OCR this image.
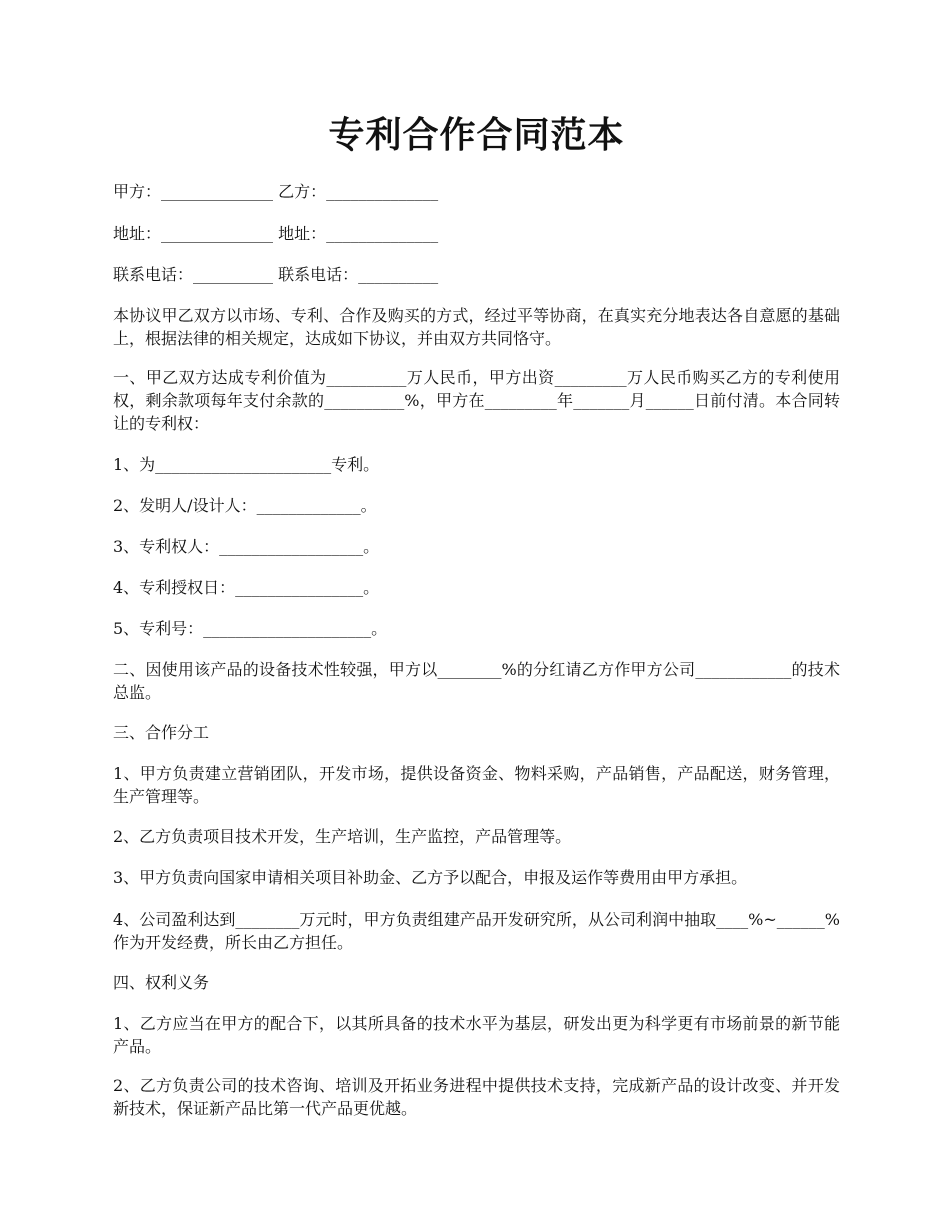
专利合作合同范本
甲方：______________ 乙方：______________
地址：______________ 地址：______________
联系电话：__________ 联系电话：__________
本协议甲乙双方以市场、专利、合作及购买的方式，经过平等协商，在真实充分地表达各自意愿的基础上，根据法律的相关规定，达成如下协议，并由双方共同恪守。
一、甲乙双方达成专利价值为__________万人民币，甲方出资_________万人民币购买乙方的专利使用权，剩余款项每年支付余款的__________%，甲方在_________年_______月______日前付清。本合同转让的专利权：
1、为______________________专利。
2、发明人/设计人：_____________。
3、专利权人：__________________。
4、专利授权日：________________。
5、专利号：_____________________。
二、因使用该产品的设备技术性较强，甲方以________%的分红请乙方作甲方公司____________的技术总监。
三、合作分工
1、甲方负责建立营销团队，开发市场，提供设备资金、物料采购，产品销售，产品配送，财务管理，生产管理等。
2、乙方负责项目技术开发，生产培训，生产监控，产品管理等。
3、甲方负责向国家申请相关项目补助金、乙方予以配合，申报及运作等费用由甲方承担。
4、公司盈利达到________万元时，甲方负责组建产品开发研究所，从公司利润中抽取____%~______%作为开发经费，所长由乙方担任。
四、权利义务
1、乙方应当在甲方的配合下，以其所具备的技术水平为基层，研发出更为科学更有市场前景的新节能产品。
2、乙方负责公司的技术咨询、培训及开拓业务进程中提供技术支持，完成新产品的设计改变、并开发新技术，保证新产品比第一代产品更优越。
